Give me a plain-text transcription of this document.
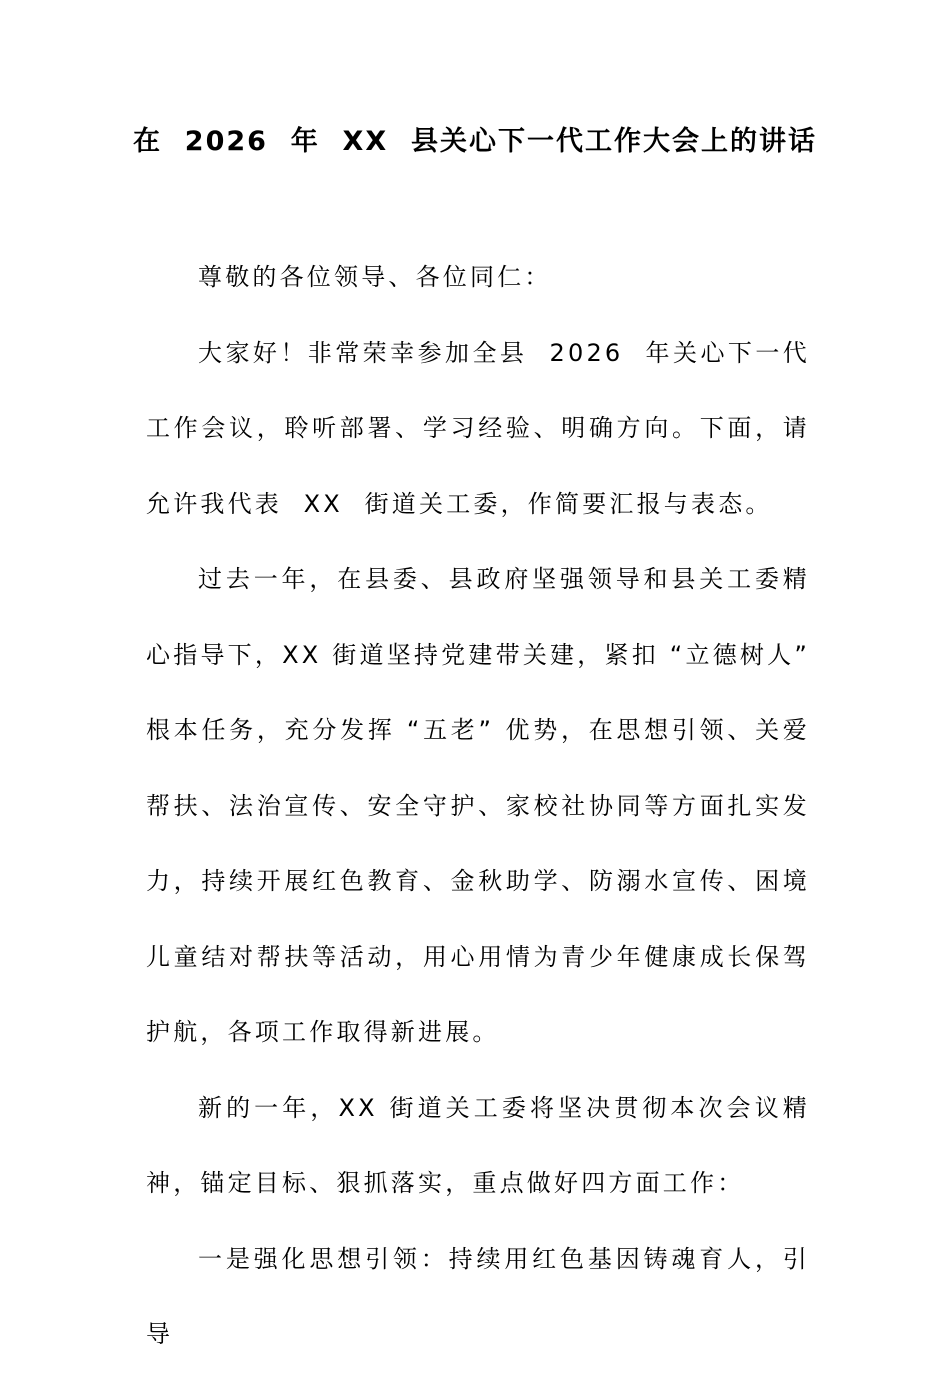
在  2026  年  XX  县关心下一代工作大会上的讲话

尊敬的各位领导、各位同仁：

大家好！非常荣幸参加全县  2026  年关心下一代工作会议，聆听部署、学习经验、明确方向。下面，请允许我代表  XX  街道关工委，作简要汇报与表态。

过去一年，在县委、县政府坚强领导和县关工委精心指导下，XX 街道坚持党建带关建，紧扣 “立德树人” 根本任务，充分发挥 “五老” 优势，在思想引领、关爱帮扶、法治宣传、安全守护、家校社协同等方面扎实发力，持续开展红色教育、金秋助学、防溺水宣传、困境儿童结对帮扶等活动，用心用情为青少年健康成长保驾护航，各项工作取得新进展。

新的一年，XX 街道关工委将坚决贯彻本次会议精神，锚定目标、狠抓落实，重点做好四方面工作：

一是强化思想引领：持续用红色基因铸魂育人，引导
